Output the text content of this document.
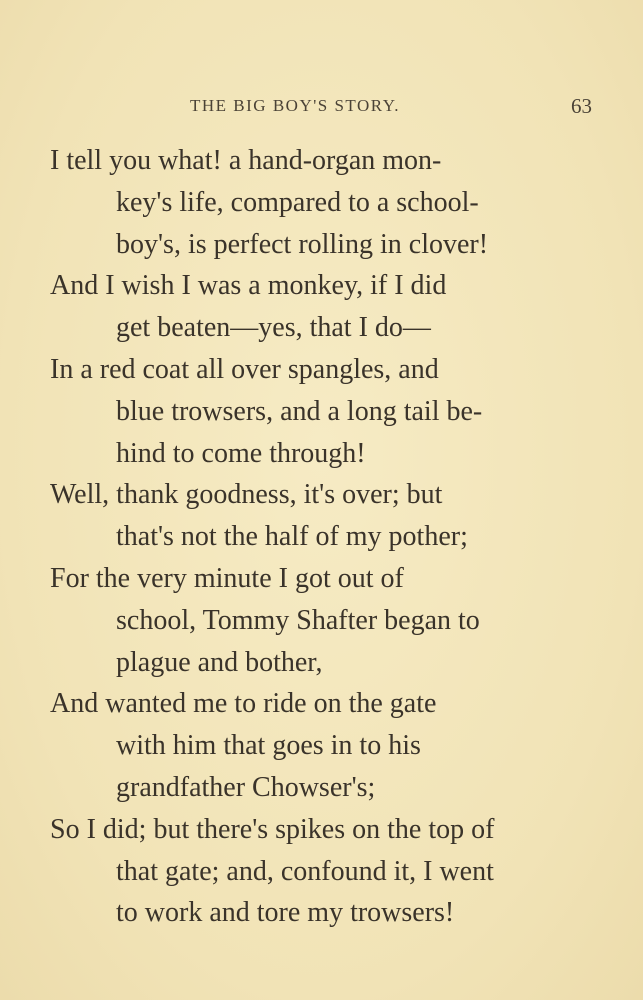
THE BIG BOY'S STORY.	63
I tell you what! a hand-organ mon-
key's life, compared to a school-
boy's, is perfect rolling in clover!
And I wish I was a monkey, if I did
get beaten—yes, that I do—
In a red coat all over spangles, and
blue trowsers, and a long tail be-
hind to come through!
Well, thank goodness, it's over; but
that's not the half of my pother;
For the very minute I got out of
school, Tommy Shafter began to
plague and bother,
And wanted me to ride on the gate
with him that goes in to his
grandfather Chowser's;
So I did; but there's spikes on the top of
that gate; and, confound it, I went
to work and tore my trowsers!
